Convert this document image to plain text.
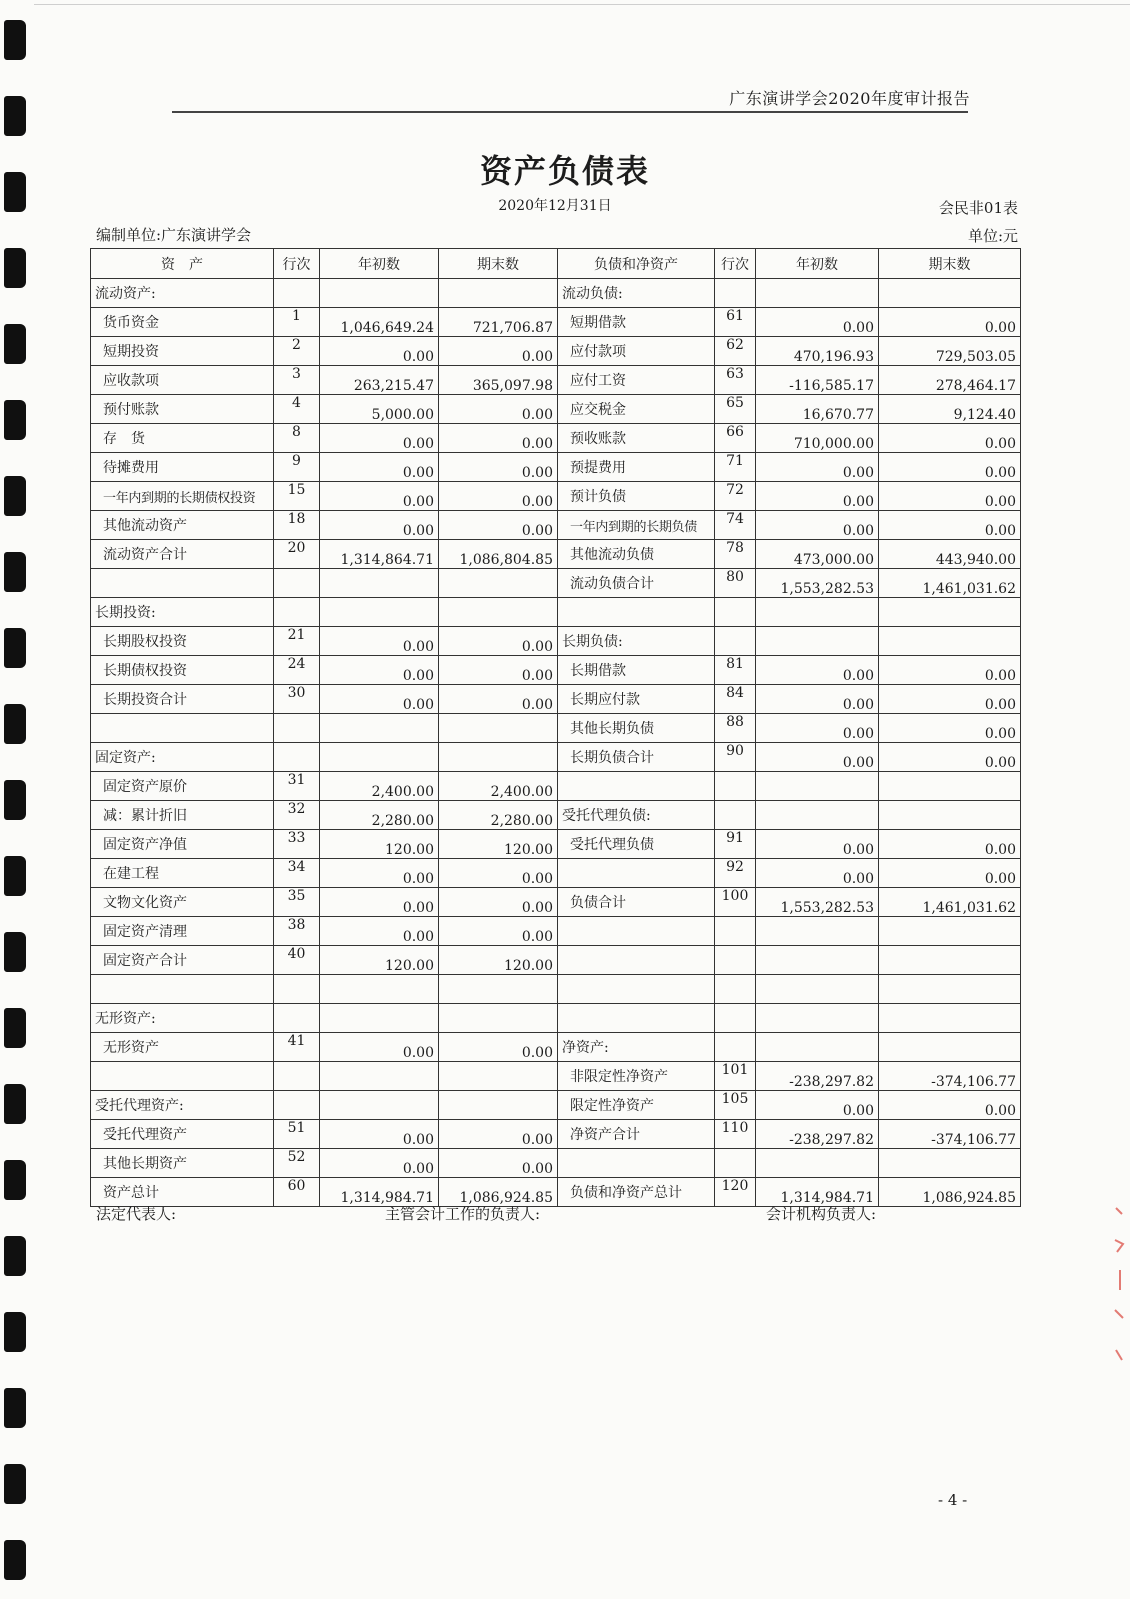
广东演讲学会2020年度审计报告
资产负债表
2020年12月31日	会民非01表
编制单位:广东演讲学会	单位:元
资　产	行次	年初数	期末数	负债和净资产	行次	年初数	期末数
流动资产:				流动负债:			
货币资金	1	1,046,649.24	721,706.87	短期借款	61	0.00	0.00
短期投资	2	0.00	0.00	应付款项	62	470,196.93	729,503.05
应收款项	3	263,215.47	365,097.98	应付工资	63	-116,585.17	278,464.17
预付账款	4	5,000.00	0.00	应交税金	65	16,670.77	9,124.40
存　货	8	0.00	0.00	预收账款	66	710,000.00	0.00
待摊费用	9	0.00	0.00	预提费用	71	0.00	0.00
一年内到期的长期债权投资	15	0.00	0.00	预计负债	72	0.00	0.00
其他流动资产	18	0.00	0.00	一年内到期的长期负债	74	0.00	0.00
流动资产合计	20	1,314,864.71	1,086,804.85	其他流动负债	78	473,000.00	443,940.00
				流动负债合计	80	1,553,282.53	1,461,031.62
长期投资:							
长期股权投资	21	0.00	0.00	长期负债:			
长期债权投资	24	0.00	0.00	长期借款	81	0.00	0.00
长期投资合计	30	0.00	0.00	长期应付款	84	0.00	0.00
				其他长期负债	88	0.00	0.00
固定资产:				长期负债合计	90	0.00	0.00
固定资产原价	31	2,400.00	2,400.00				
减：累计折旧	32	2,280.00	2,280.00	受托代理负债:			
固定资产净值	33	120.00	120.00	受托代理负债	91	0.00	0.00
在建工程	34	0.00	0.00		92	0.00	0.00
文物文化资产	35	0.00	0.00	负债合计	100	1,553,282.53	1,461,031.62
固定资产清理	38	0.00	0.00				
固定资产合计	40	120.00	120.00				

无形资产:							
无形资产	41	0.00	0.00	净资产:			
				非限定性净资产	101	-238,297.82	-374,106.77
受托代理资产:				限定性净资产	105	0.00	0.00
受托代理资产	51	0.00	0.00	净资产合计	110	-238,297.82	-374,106.77
其他长期资产	52	0.00	0.00				
资产总计	60	1,314,984.71	1,086,924.85	负债和净资产总计	120	1,314,984.71	1,086,924.85
法定代表人:	主管会计工作的负责人:	会计机构负责人:
- 4 -
